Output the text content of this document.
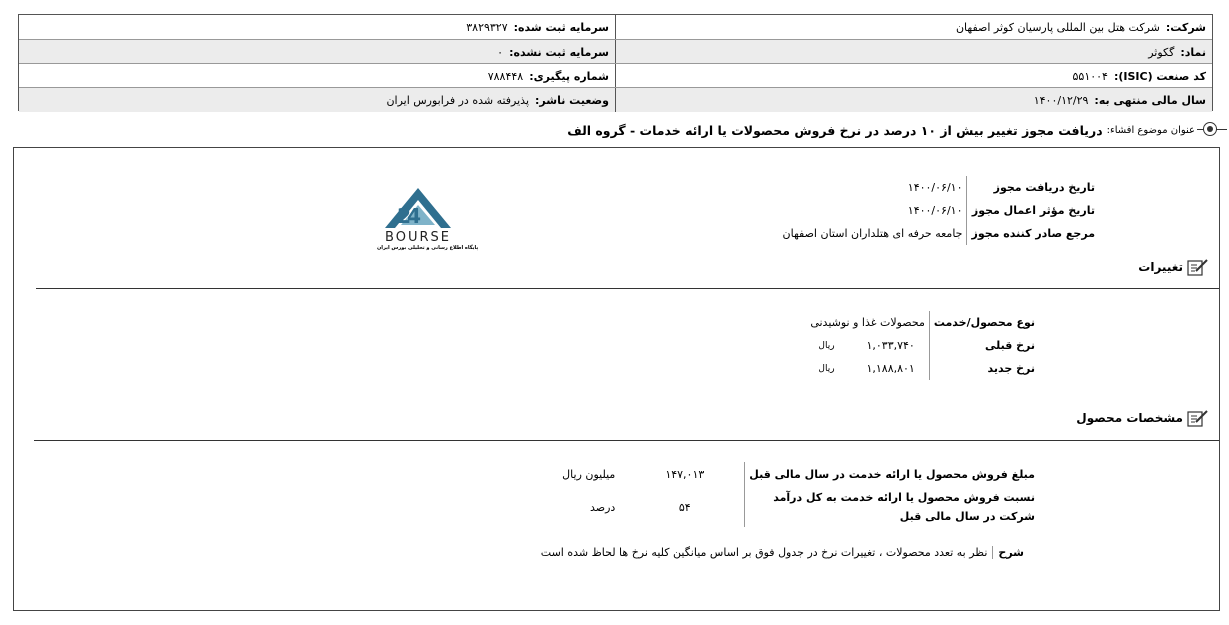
شرکت:
شرکت هتل بین المللی پارسیان کوثر اصفهان
سرمایه ثبت شده:
۳۸۲۹۳۲۷
نماد:
گکوثر
سرمایه ثبت نشده:
۰
کد صنعت (ISIC):
۵۵۱۰۰۴
شماره پیگیری:
۷۸۸۴۴۸
سال مالی منتهی به:
۱۴۰۰/۱۲/۲۹
وضعیت ناشر:
پذیرفته شده در فرابورس ایران
عنوان موضوع افشاء:
دریافت مجوز تغییر بیش از ۱۰ درصد در نرخ فروش محصولات یا ارائه خدمات - گروه الف
تاریخ دریافت مجوز	۱۴۰۰/۰۶/۱۰
تاریخ مؤثر اعمال مجوز	۱۴۰۰/۰۶/۱۰
مرجع صادر کننده مجوز	جامعه حرفه ای هتلداران استان اصفهان
2
4
BOURSE
پایگاه اطلاع رسانی و تحلیلی بورس ایران
تغییرات
نوع محصول/خدمت	محصولات غذا و نوشیدنی	
نرخ قبلی	۱,۰۳۳,۷۴۰	ریال
نرخ جدید	۱,۱۸۸,۸۰۱	ریال
مشخصات محصول
مبلغ فروش محصول یا ارائه خدمت در سال مالی قبل	۱۴۷,۰۱۳	میلیون ریال
نسبت فروش محصول یا ارائه خدمت به کل درآمد شرکت در سال مالی قبل	۵۴	درصد
شرح
نظر به تعدد محصولات ، تغییرات نرخ در جدول فوق بر اساس میانگین کلیه نرخ ها لحاظ شده است
